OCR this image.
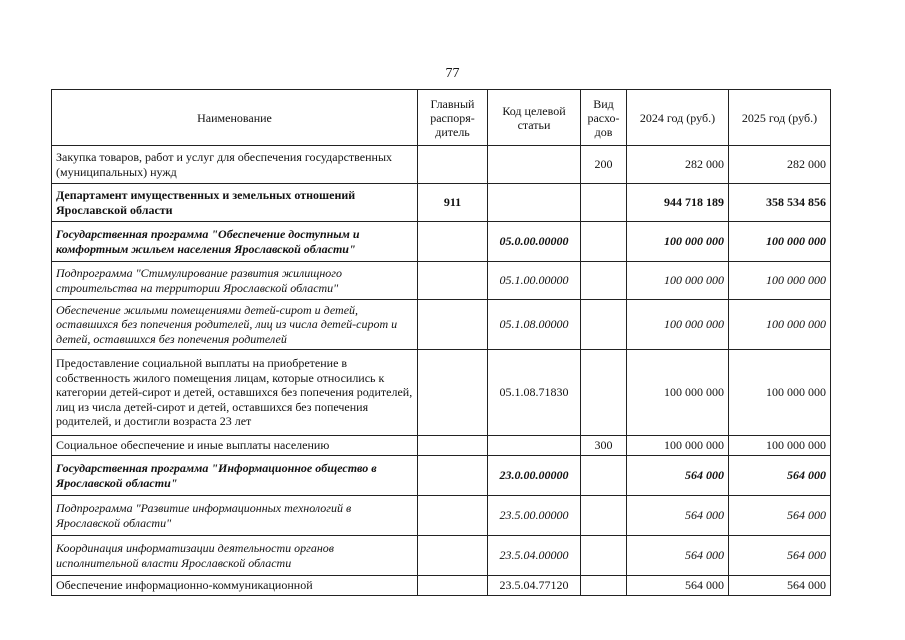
77
Наименование	Главный распоря-дитель	Код целевой статьи	Вид расхо-дов	2024 год (руб.)	2025 год (руб.)
Закупка товаров, работ и услуг для обеспечения государственных (муниципальных) нужд			200	282 000	282 000
Департамент имущественных и земельных отношений Ярославской области	911			944 718 189	358 534 856
Государственная программа "Обеспечение доступным и комфортным жильем населения Ярославской области"		05.0.00.00000		100 000 000	100 000 000
Подпрограмма "Стимулирование развития жилищного строительства на территории Ярославской области"		05.1.00.00000		100 000 000	100 000 000
Обеспечение жилыми помещениями детей-сирот и детей, оставшихся без попечения родителей, лиц из числа детей-сирот и детей, оставшихся без попечения родителей		05.1.08.00000		100 000 000	100 000 000
Предоставление социальной выплаты на приобретение в собственность жилого помещения лицам, которые относились к категории детей-сирот и детей, оставшихся без попечения родителей, лиц из числа детей-сирот и детей, оставшихся без попечения родителей, и достигли возраста 23 лет		05.1.08.71830		100 000 000	100 000 000
Социальное обеспечение и иные выплаты населению			300	100 000 000	100 000 000
Государственная программа "Информационное общество в Ярославской области"		23.0.00.00000		564 000	564 000
Подпрограмма "Развитие информационных технологий в Ярославской области"		23.5.00.00000		564 000	564 000
Координация информатизации деятельности органов исполнительной власти Ярославской области		23.5.04.00000		564 000	564 000
Обеспечение информационно-коммуникационной		23.5.04.77120		564 000	564 000
